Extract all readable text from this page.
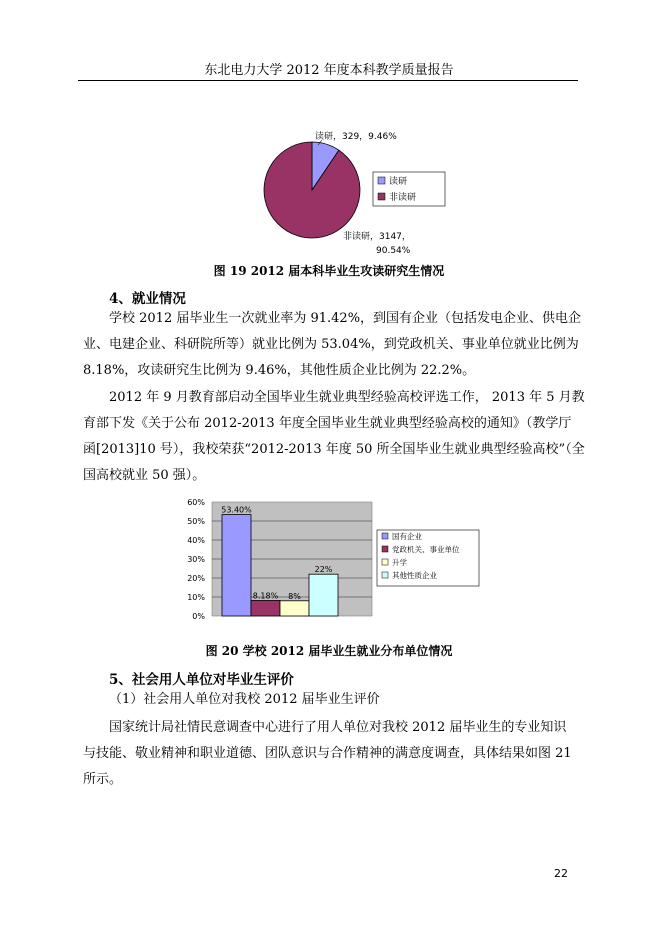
东北电力大学 2012 年度本科教学质量报告
读研，329，9.46%
非读研，3147，
90.54%
读研
非读研
图 19 2012 届本科毕业生攻读研究生情况
4、就业情况
学校 2012 届毕业生一次就业率为 91.42%，到国有企业（包括发电企业、供电企
业、电建企业、科研院所等）就业比例为 53.04%，到党政机关、事业单位就业比例为
8.18%，攻读研究生比例为 9.46%，其他性质企业比例为 22.2%。
2012 年 9 月教育部启动全国毕业生就业典型经验高校评选工作， 2013 年 5 月教
育部下发《关于公布 2012-2013 年度全国毕业生就业典型经验高校的通知》（教学厅
函[2013]10 号），我校荣获“2012-2013 年度 50 所全国毕业生就业典型经验高校”（全
国高校就业 50 强）。
0%
10%
20%
30%
40%
50%
60%
53.40%
8.18% 8%
22%
国有企业
党政机关、事业单位
升学
其他性质企业
图 20 学校 2012 届毕业生就业分布单位情况
5、社会用人单位对毕业生评价
（1）社会用人单位对我校 2012 届毕业生评价
国家统计局社情民意调查中心进行了用人单位对我校 2012 届毕业生的专业知识
与技能、敬业精神和职业道德、团队意识与合作精神的满意度调查，具体结果如图 21
所示。
22
